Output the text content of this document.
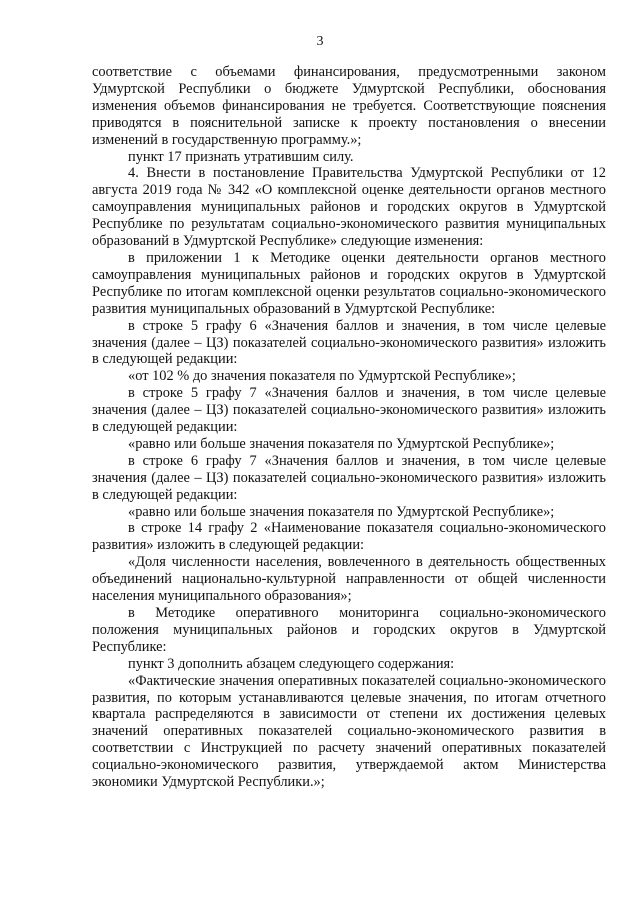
3

соответствие с объемами финансирования, предусмотренными законом Удмуртской Республики о бюджете Удмуртской Республики, обоснования изменения объемов финансирования не требуется. Соответствующие пояснения приводятся в пояснительной записке к проекту постановления о внесении изменений в государственную программу.»;

пункт 17 признать утратившим силу.

4. Внести в постановление Правительства Удмуртской Республики от 12 августа 2019 года № 342 «О комплексной оценке деятельности органов местного самоуправления муниципальных районов и городских округов в Удмуртской Республике по результатам социально-экономического развития муниципальных образований в Удмуртской Республике» следующие изменения:

в приложении 1 к Методике оценки деятельности органов местного самоуправления муниципальных районов и городских округов в Удмуртской Республике по итогам комплексной оценки результатов социально-экономического развития муниципальных образований в Удмуртской Республике:

в строке 5 графу 6 «Значения баллов и значения, в том числе целевые значения (далее – ЦЗ) показателей социально-экономического развития» изложить в следующей редакции:

«от 102 % до значения показателя по Удмуртской Республике»;

в строке 5 графу 7 «Значения баллов и значения, в том числе целевые значения (далее – ЦЗ) показателей социально-экономического развития» изложить в следующей редакции:

«равно или больше значения показателя по Удмуртской Республике»;

в строке 6 графу 7 «Значения баллов и значения, в том числе целевые значения (далее – ЦЗ) показателей социально-экономического развития» изложить в следующей редакции:

«равно или больше значения показателя по Удмуртской Республике»;

в строке 14 графу 2 «Наименование показателя социально-экономического развития» изложить в следующей редакции:

«Доля численности населения, вовлеченного в деятельность общественных объединений национально-культурной направленности от общей численности населения муниципального образования»;

в Методике оперативного мониторинга социально-экономического положения муниципальных районов и городских округов в Удмуртской Республике:

пункт 3 дополнить абзацем следующего содержания:

«Фактические значения оперативных показателей социально-экономического развития, по которым устанавливаются целевые значения, по итогам отчетного квартала распределяются в зависимости от степени их достижения целевых значений оперативных показателей социально-экономического развития в соответствии с Инструкцией по расчету значений оперативных показателей социально-экономического развития, утверждаемой актом Министерства экономики Удмуртской Республики.»;
